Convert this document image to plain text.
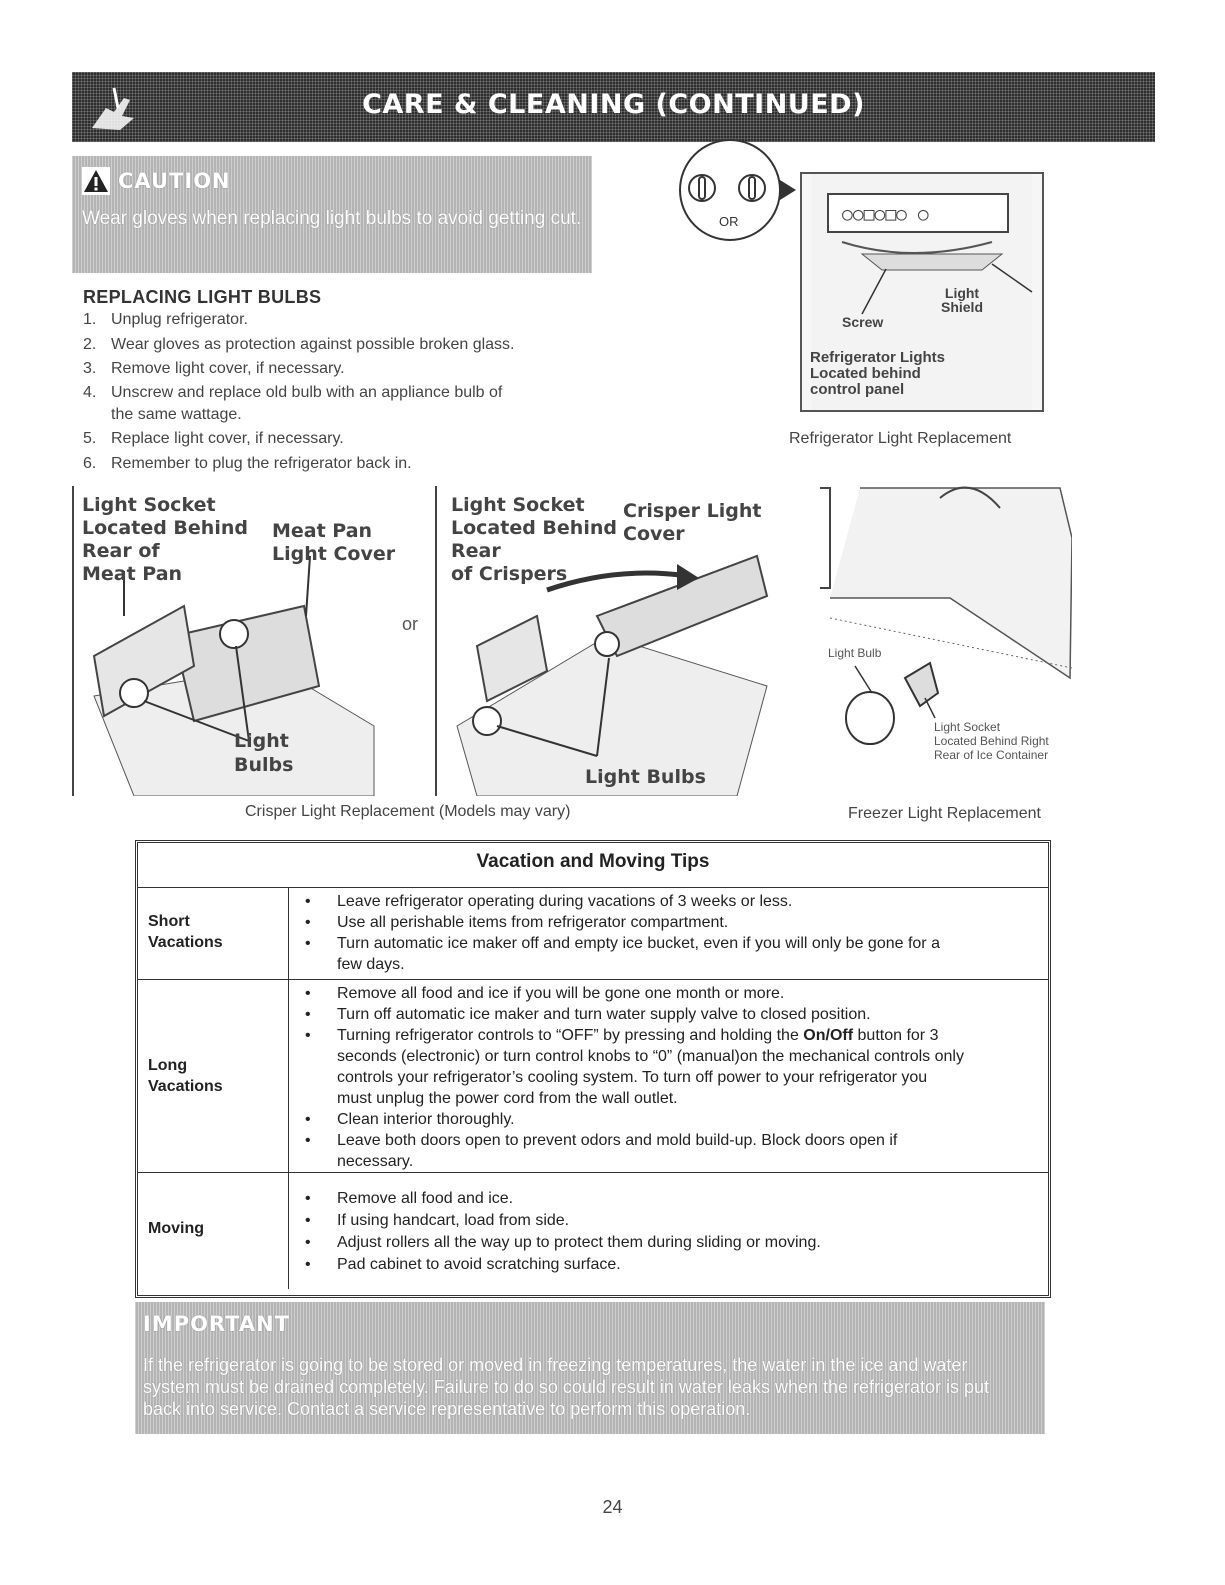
CARE & CLEANING (CONTINUED)
CAUTION
Wear gloves when replacing light bulbs to avoid getting cut.
REPLACING LIGHT BULBS
1. Unplug refrigerator.
2. Wear gloves as protection against possible broken glass.
3. Remove light cover, if necessary.
4. Unscrew and replace old bulb with an appliance bulb of
the same wattage.
5. Replace light cover, if necessary.
6. Remember to plug the refrigerator back in.
OR	○○□○□○ ○
Light Shield
Screw
Refrigerator Lights
Located behind
control panel
Refrigerator Light Replacement
Light Socket
Located Behind
Rear of
Meat Pan
Meat Pan
Light Cover
Light
Bulbs
or
Light Socket
Located Behind
Rear
of Crispers
Crisper Light
Cover
Light Bulbs
Crisper Light Replacement (Models may vary)
Light Bulb
Light Socket
Located Behind Right
Rear of Ice Container
Freezer Light Replacement
Vacation and Moving Tips
Short
Vacations
• Leave refrigerator operating during vacations of 3 weeks or less.
• Use all perishable items from refrigerator compartment.
• Turn automatic ice maker off and empty ice bucket, even if you will only be gone for a
few days.
Long
Vacations
• Remove all food and ice if you will be gone one month or more.
• Turn off automatic ice maker and turn water supply valve to closed position.
• Turning refrigerator controls to “OFF” by pressing and holding the On/Off button for 3
seconds (electronic) or turn control knobs to “0” (manual)on the mechanical controls only
controls your refrigerator’s cooling system. To turn off power to your refrigerator you
must unplug the power cord from the wall outlet.
• Clean interior thoroughly.
• Leave both doors open to prevent odors and mold build-up. Block doors open if
necessary.
Moving
• Remove all food and ice.
• If using handcart, load from side.
• Adjust rollers all the way up to protect them during sliding or moving.
• Pad cabinet to avoid scratching surface.
IMPORTANT
If the refrigerator is going to be stored or moved in freezing temperatures, the water in the ice and water
system must be drained completely. Failure to do so could result in water leaks when the refrigerator is put
back into service. Contact a service representative to perform this operation.
24
